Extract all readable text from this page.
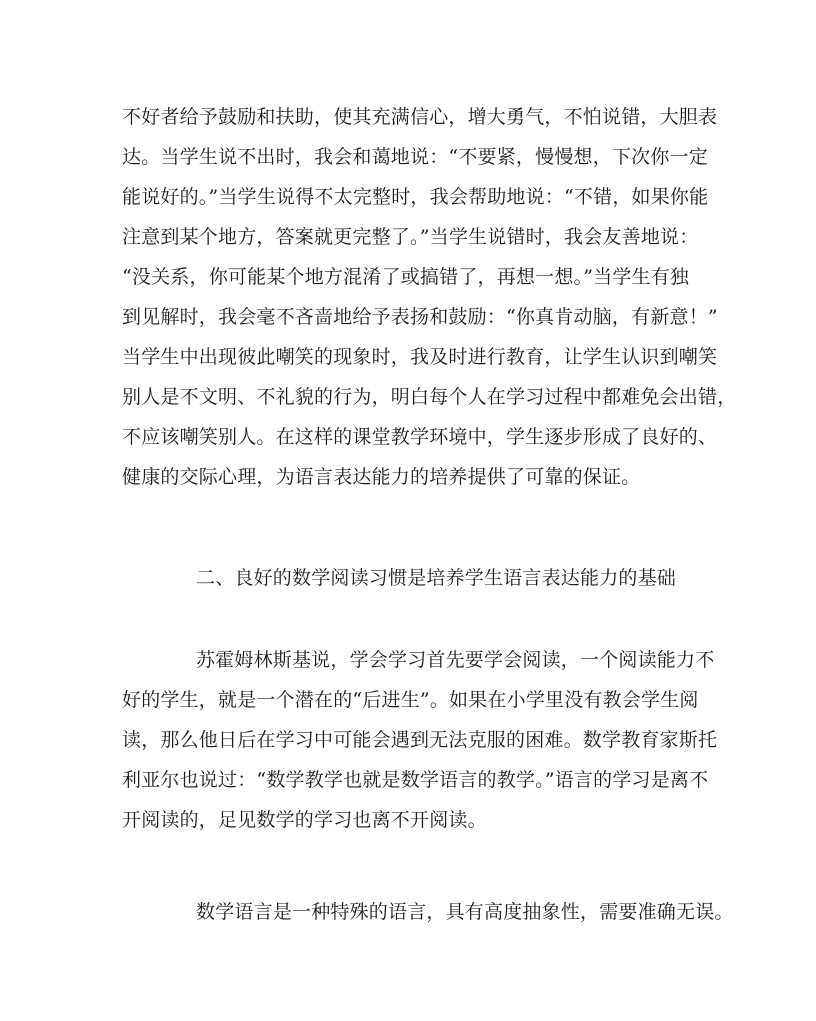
不好者给予鼓励和扶助，使其充满信心，增大勇气，不怕说错，大胆表
达。当学生说不出时，我会和蔼地说：“不要紧，慢慢想，下次你一定
能说好的。”当学生说得不太完整时，我会帮助地说：“不错，如果你能
注意到某个地方，答案就更完整了。”当学生说错时，我会友善地说：
“没关系，你可能某个地方混淆了或搞错了，再想一想。”当学生有独
到见解时，我会毫不吝啬地给予表扬和鼓励：“你真肯动脑，有新意！”
当学生中出现彼此嘲笑的现象时，我及时进行教育，让学生认识到嘲笑
别人是不文明、不礼貌的行为，明白每个人在学习过程中都难免会出错，
不应该嘲笑别人。在这样的课堂教学环境中，学生逐步形成了良好的、
健康的交际心理，为语言表达能力的培养提供了可靠的保证。
二、良好的数学阅读习惯是培养学生语言表达能力的基础
苏霍姆林斯基说，学会学习首先要学会阅读，一个阅读能力不
好的学生，就是一个潜在的“后进生”。如果在小学里没有教会学生阅
读，那么他日后在学习中可能会遇到无法克服的困难。数学教育家斯托
利亚尔也说过：“数学教学也就是数学语言的教学。”语言的学习是离不
开阅读的，足见数学的学习也离不开阅读。
数学语言是一种特殊的语言，具有高度抽象性，需要准确无误。
